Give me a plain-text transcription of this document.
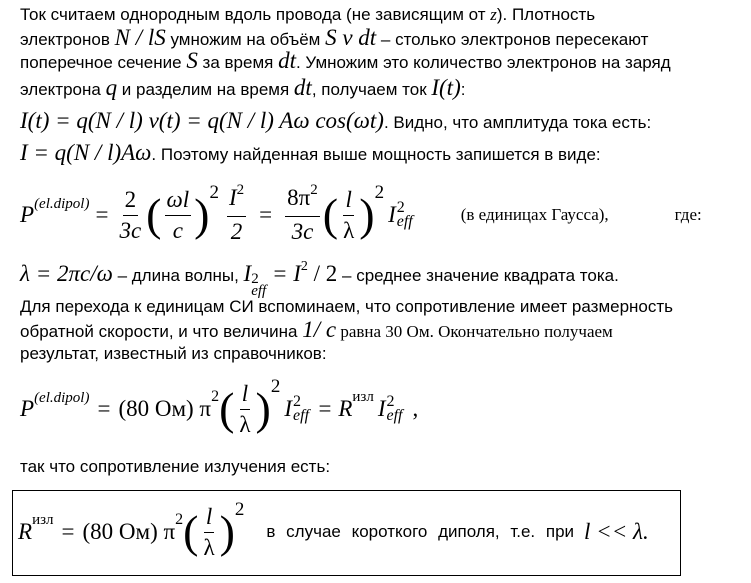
Ток считаем однородным вдоль провода (не зависящим от z). Плотность
электронов N / lS умножим на объём S v dt – столько электронов пересекают
поперечное сечение S за время dt. Умножим это количество электронов на заряд
электрона q и разделим на время dt, получаем ток I(t):
I(t) = q(N / l) v(t) = q(N / l) Aω cos(ωt). Видно, что амплитуда тока есть:
I = q(N / l)Aω. Поэтому найденная выше мощность запишется в виде:
P (el.dipol) = $\frac{2}{3c}$ ( $\frac{\omega l}{c}$ ) $2 \frac{I^2}{2} = \frac{8\pi^2}{3c}$ ( $\frac{l}{\lambda}$ ) 2
I 2
eff	(в единицах Гаусса),	где:
λ = 2πc/ω – длина волны, I 2
eff
= $I^2 / 2$ – среднее значение квадрата тока.
Для перехода к единицам СИ вспоминаем, что сопротивление имеет размерность
обратной скорости, и что величина 1/ c равна 30 Ом. Окончательно получаем
результат, известный из справочников:
P (el.dipol) = (80 Ом) π 2 ( $\frac{l}{\lambda}$ ) 2
I 2
eff = R изл I 2
eff ,
так что сопротивление излучения есть:
R изл = (80 Ом) π 2 ( $\frac{l}{\lambda}$ ) 2
в случае короткого диполя, т.е. при l << λ.
